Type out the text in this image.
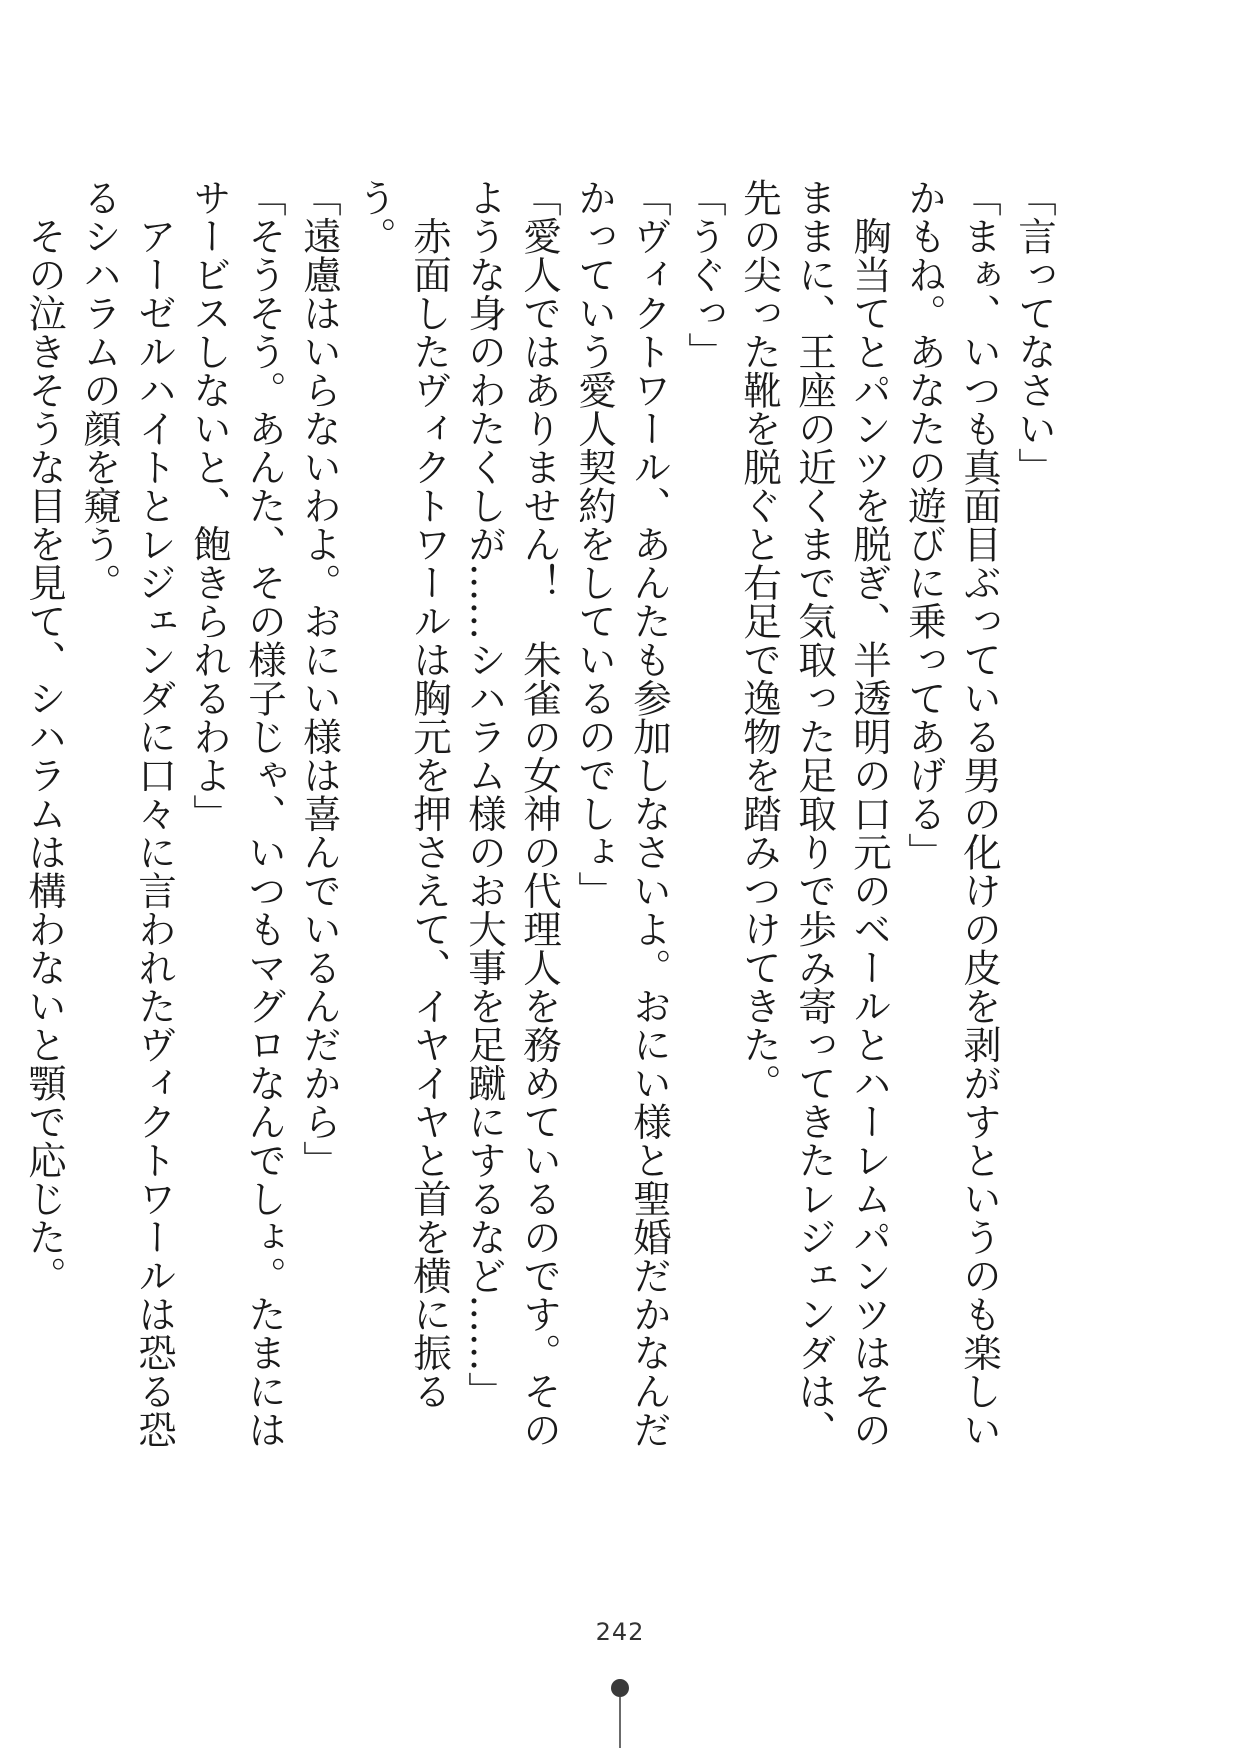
「言ってなさい」

「まぁ、いつも真面目ぶっている男の化けの皮を剥がすというのも楽しいかもね。あなたの遊びに乗ってあげる」

　胸当てとパンツを脱ぎ、半透明の口元のベールとハーレムパンツはそのままに、王座の近くまで気取った足取りで歩み寄ってきたレジェンダは、先の尖った靴を脱ぐと右足で逸物を踏みつけてきた。

「うぐっ」

「ヴィクトワール、あんたも参加しなさいよ。おにい様と聖婚だかなんだかっていう愛人契約をしているのでしょ」

「愛人ではありません！　朱雀の女神の代理人を務めているのです。そのような身のわたくしが……シハラム様のお大事を足蹴にするなど……」

　赤面したヴィクトワールは胸元を押さえて、イヤイヤと首を横に振るう。

「遠慮はいらないわよ。おにい様は喜んでいるんだから」

「そうそう。あんた、その様子じゃ、いつもマグロなんでしょ。たまにはサービスしないと、飽きられるわよ」

　アーゼルハイトとレジェンダに口々に言われたヴィクトワールは恐る恐るシハラムの顔を窺う。

　その泣きそうな目を見て、シハラムは構わないと顎で応じた。

242
